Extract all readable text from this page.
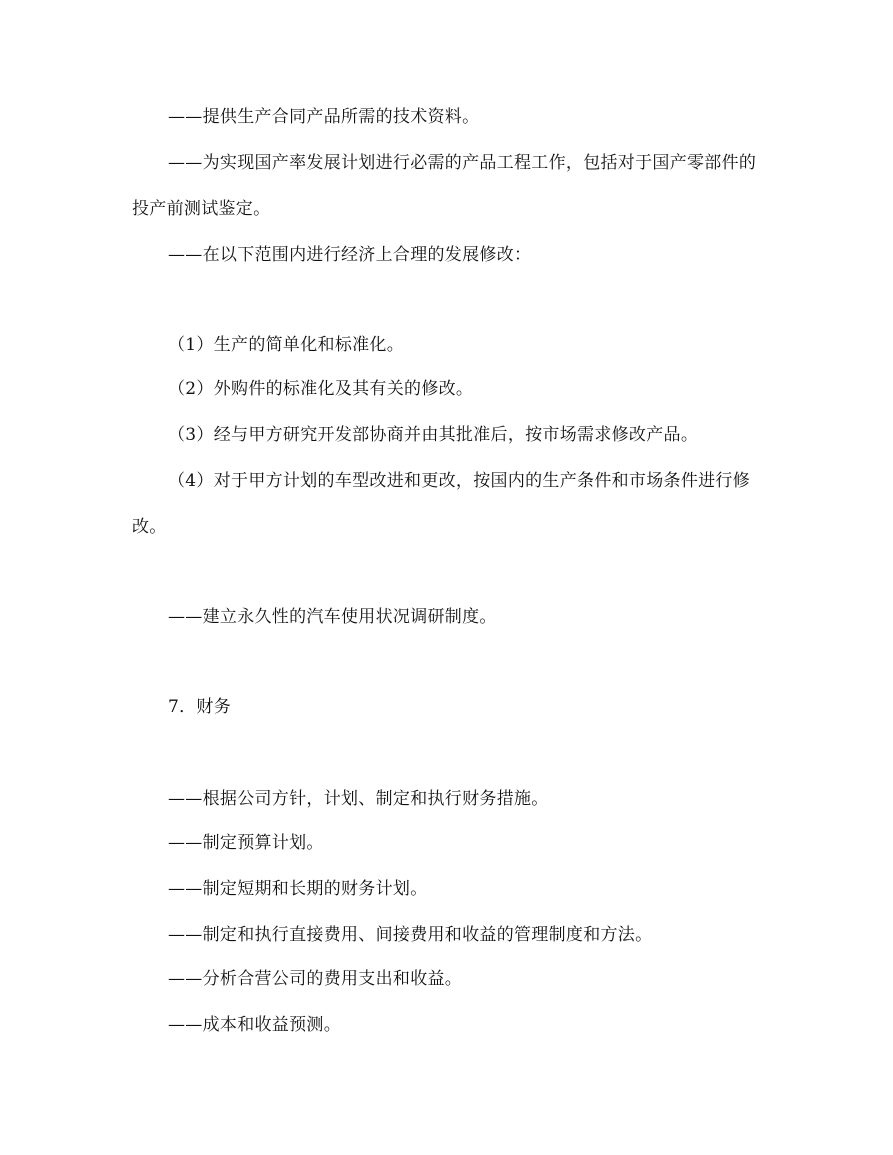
——提供生产合同产品所需的技术资料。
——为实现国产率发展计划进行必需的产品工程工作，包括对于国产零部件的
投产前测试鉴定。
——在以下范围内进行经济上合理的发展修改：
（1）生产的简单化和标准化。
（2）外购件的标准化及其有关的修改。
（3）经与甲方研究开发部协商并由其批准后，按市场需求修改产品。
（4）对于甲方计划的车型改进和更改，按国内的生产条件和市场条件进行修
改。
——建立永久性的汽车使用状况调研制度。
7．财务
——根据公司方针，计划、制定和执行财务措施。
——制定预算计划。
——制定短期和长期的财务计划。
——制定和执行直接费用、间接费用和收益的管理制度和方法。
——分析合营公司的费用支出和收益。
——成本和收益预测。
